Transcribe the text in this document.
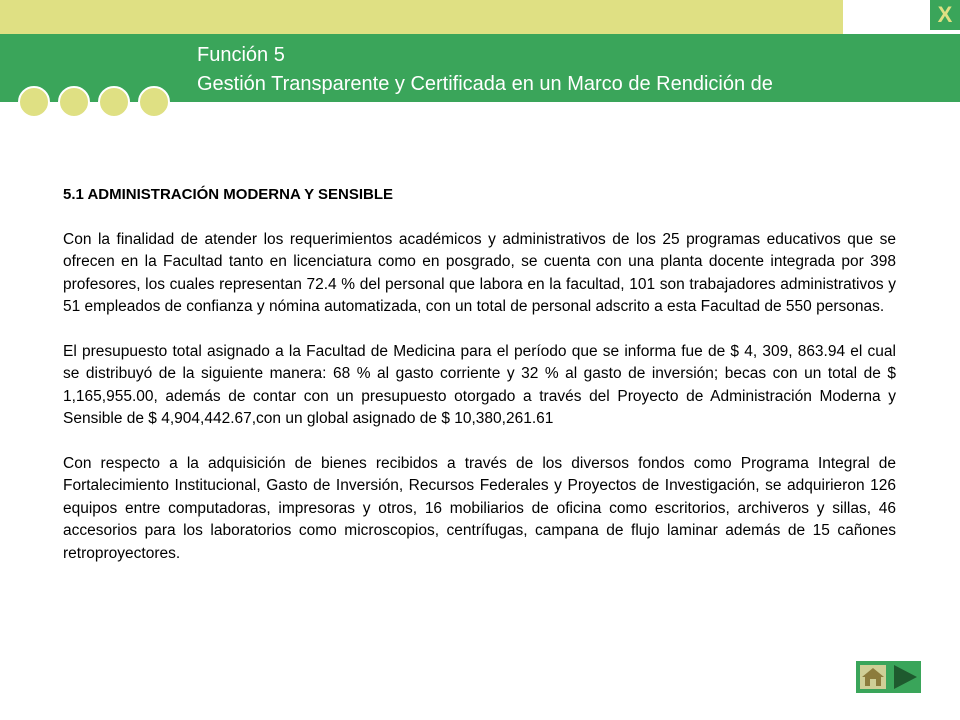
X
Función 5
Gestión Transparente y Certificada en un Marco de Rendición de
5.1 ADMINISTRACIÓN MODERNA Y SENSIBLE

Con la finalidad de atender los requerimientos académicos y administrativos de los 25 programas educativos que se ofrecen en la Facultad tanto en licenciatura como en posgrado, se cuenta con una planta docente integrada por 398 profesores, los cuales representan 72.4 % del personal que labora en la facultad, 101 son trabajadores administrativos y 51 empleados de confianza y nómina automatizada, con un total de personal adscrito a esta Facultad de 550 personas.

El presupuesto total asignado a la Facultad de Medicina para el período que se informa fue de $ 4, 309, 863.94 el cual se distribuyó de la siguiente manera: 68 % al gasto corriente y 32 % al gasto de inversión; becas con un total de $ 1,165,955.00, además de contar con un presupuesto otorgado a través del Proyecto de Administración Moderna y Sensible de $ 4,904,442.67,con un global asignado de $ 10,380,261.61

Con respecto a la adquisición de bienes recibidos a través de los diversos fondos como Programa Integral de Fortalecimiento Institucional, Gasto de Inversión, Recursos Federales y Proyectos de Investigación, se adquirieron 126 equipos entre computadoras, impresoras y otros, 16 mobiliarios de oficina como escritorios, archiveros y sillas, 46 accesorios para los laboratorios como microscopios, centrífugas, campana de flujo laminar además de 15 cañones retroproyectores.
